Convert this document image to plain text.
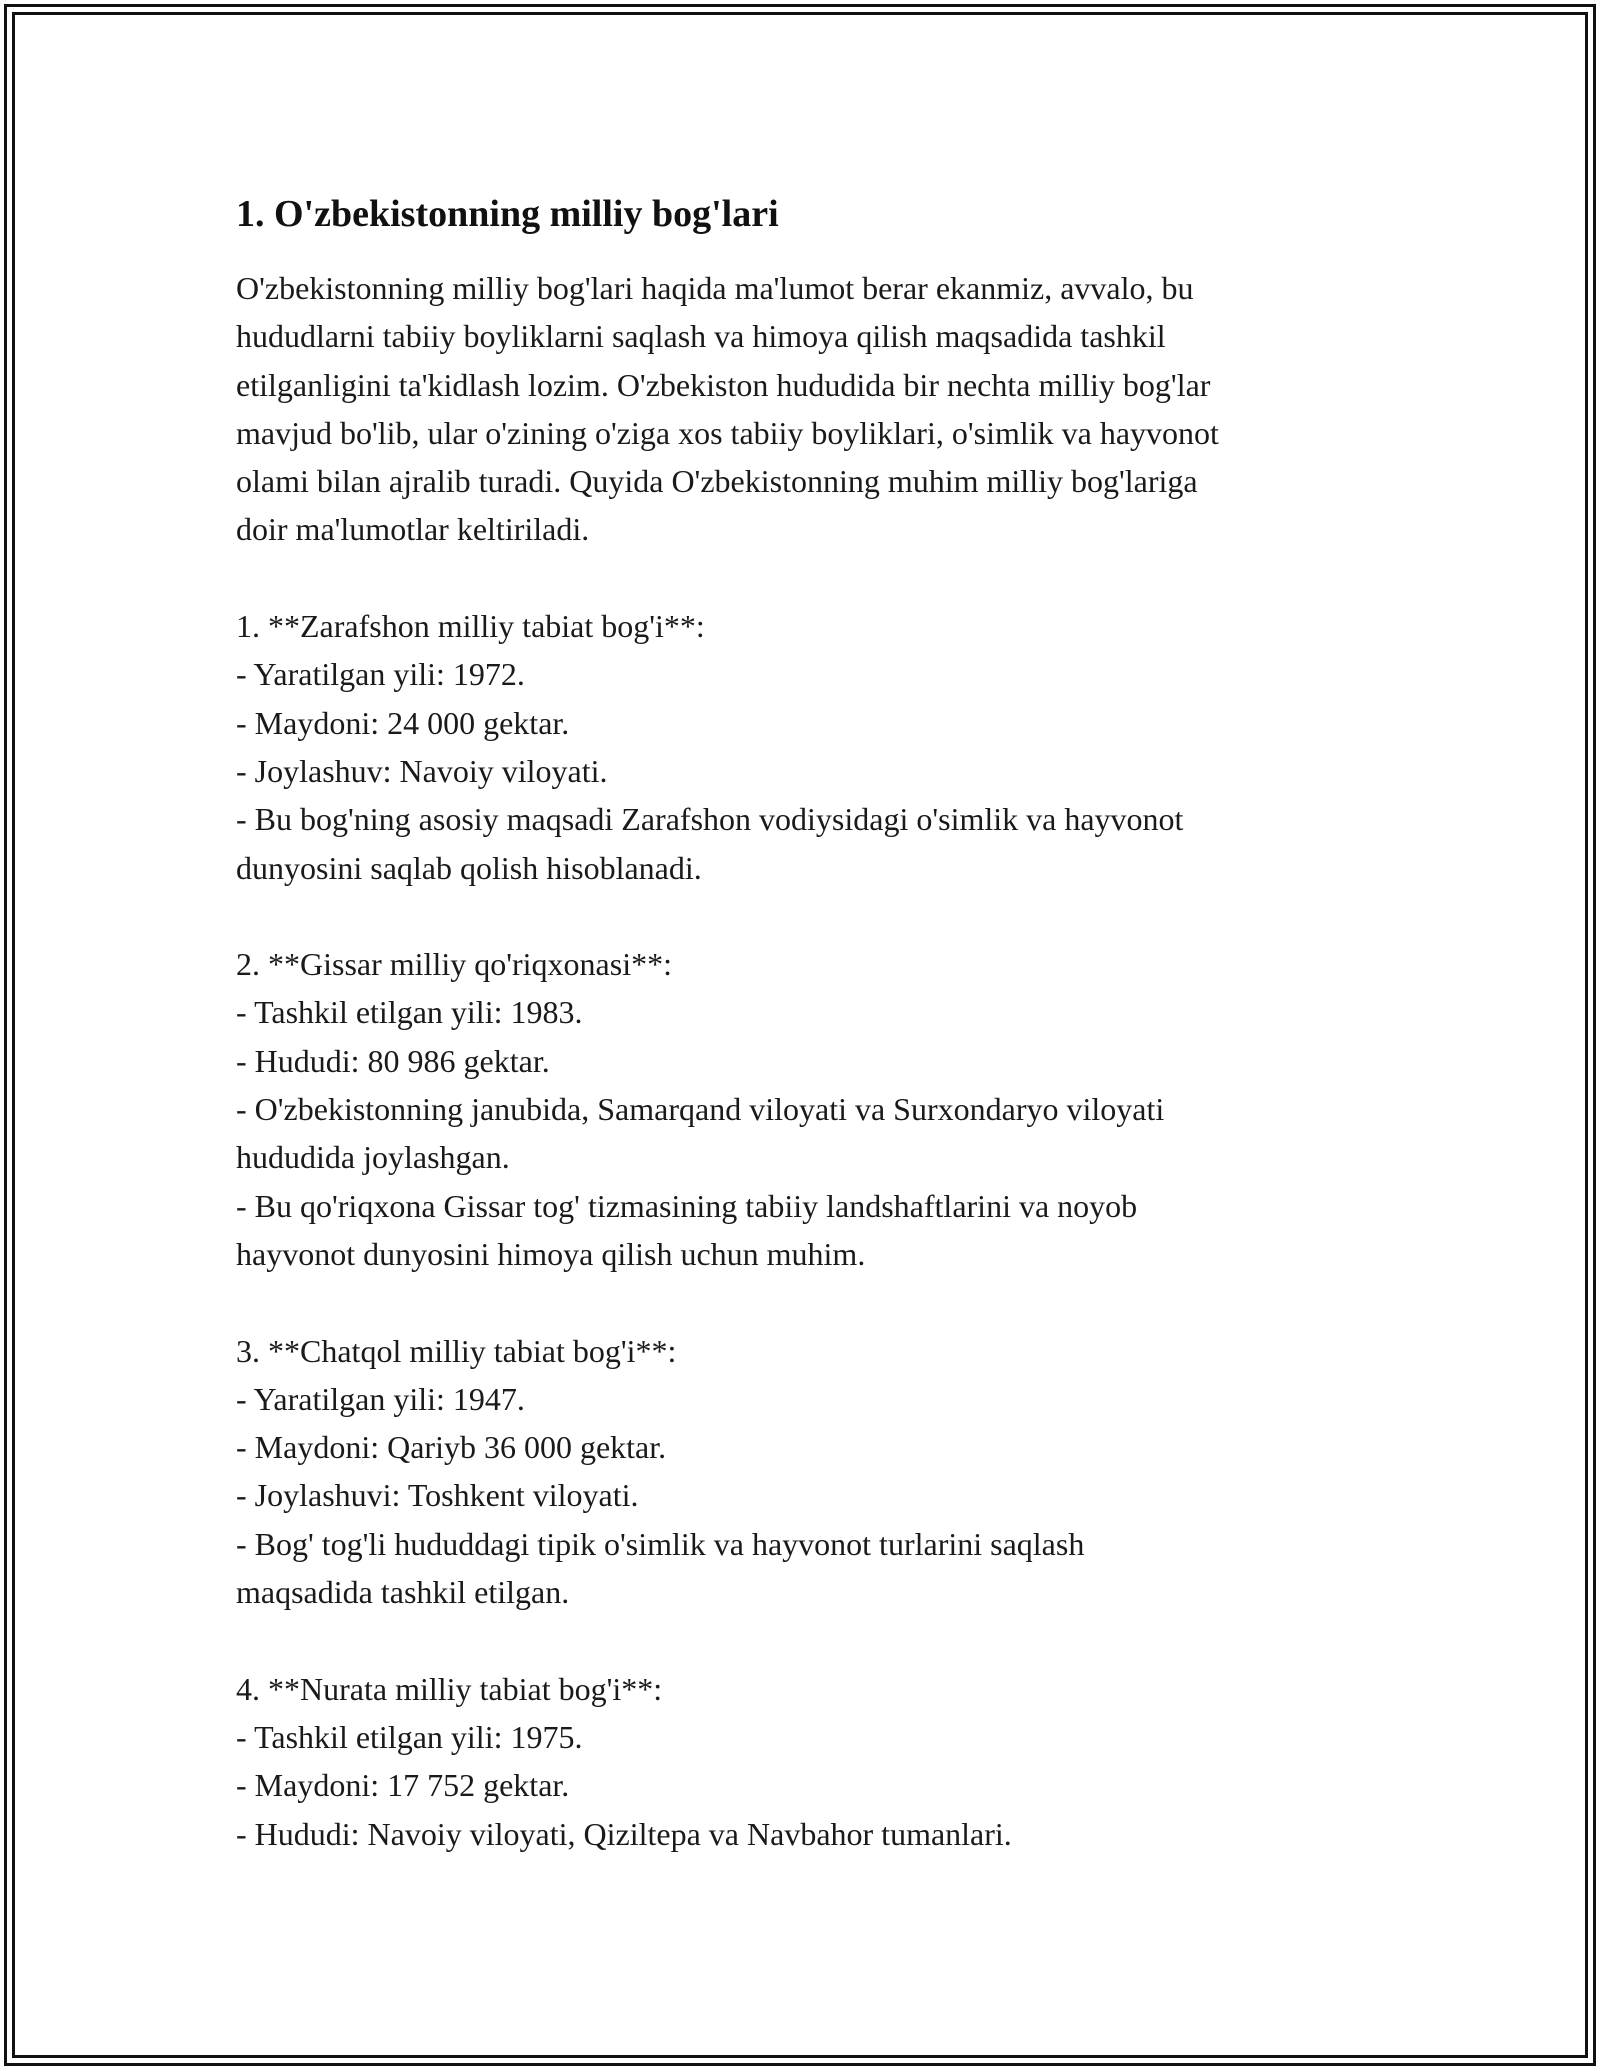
1. O'zbekistonning milliy bog'lari

O'zbekistonning milliy bog'lari haqida ma'lumot berar ekanmiz, avvalo, bu
hududlarni tabiiy boyliklarni saqlash va himoya qilish maqsadida tashkil
etilganligini ta'kidlash lozim. O'zbekiston hududida bir nechta milliy bog'lar
mavjud bo'lib, ular o'zining o'ziga xos tabiiy boyliklari, o'simlik va hayvonot
olami bilan ajralib turadi. Quyida O'zbekistonning muhim milliy bog'lariga
doir ma'lumotlar keltiriladi.

1. **Zarafshon milliy tabiat bog'i**:
- Yaratilgan yili: 1972.
- Maydoni: 24 000 gektar.
- Joylashuv: Navoiy viloyati.
- Bu bog'ning asosiy maqsadi Zarafshon vodiysidagi o'simlik va hayvonot
dunyosini saqlab qolish hisoblanadi.

2. **Gissar milliy qo'riqxonasi**:
- Tashkil etilgan yili: 1983.
- Hududi: 80 986 gektar.
- O'zbekistonning janubida, Samarqand viloyati va Surxondaryo viloyati
hududida joylashgan.
- Bu qo'riqxona Gissar tog' tizmasining tabiiy landshaftlarini va noyob
hayvonot dunyosini himoya qilish uchun muhim.

3. **Chatqol milliy tabiat bog'i**:
- Yaratilgan yili: 1947.
- Maydoni: Qariyb 36 000 gektar.
- Joylashuvi: Toshkent viloyati.
- Bog' tog'li hududdagi tipik o'simlik va hayvonot turlarini saqlash
maqsadida tashkil etilgan.

4. **Nurata milliy tabiat bog'i**:
- Tashkil etilgan yili: 1975.
- Maydoni: 17 752 gektar.
- Hududi: Navoiy viloyati, Qiziltepa va Navbahor tumanlari.
